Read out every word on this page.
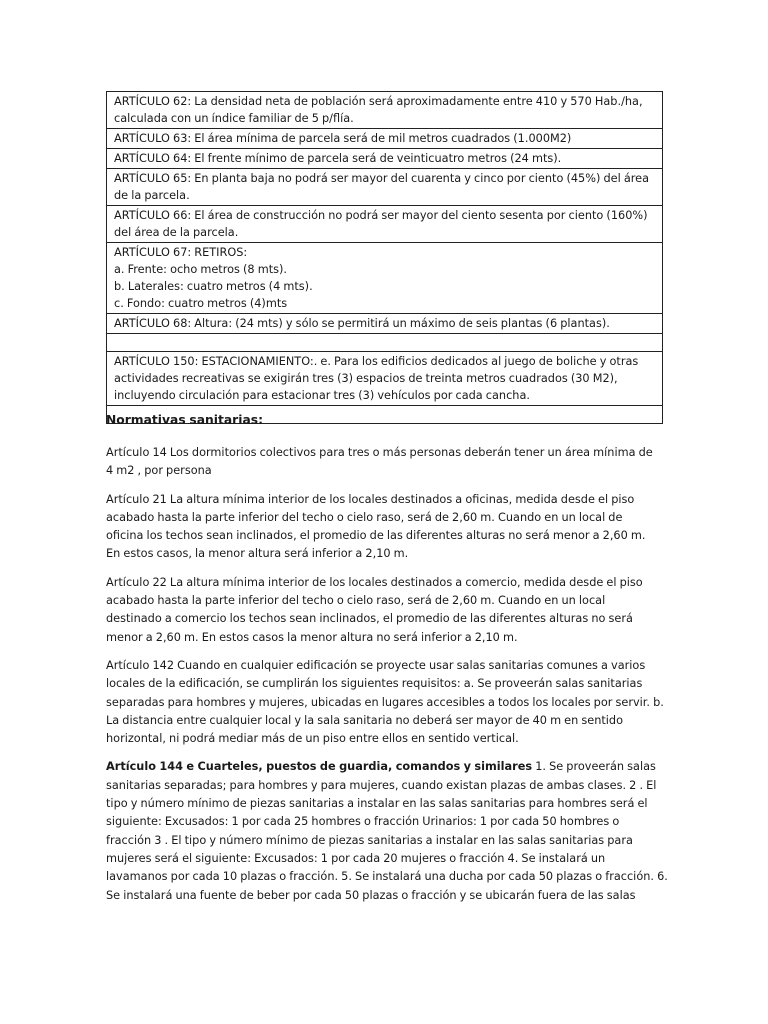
ARTÍCULO 62: La densidad neta de población será aproximadamente entre 410 y 570 Hab./ha,
calculada con un índice familiar de 5 p/flía.

ARTÍCULO 63: El área mínima de parcela será de mil metros cuadrados (1.000M2)

ARTÍCULO 64: El frente mínimo de parcela será de veinticuatro metros (24 mts).

ARTÍCULO 65: En planta baja no podrá ser mayor del cuarenta y cinco por ciento (45%) del área
de la parcela.

ARTÍCULO 66: El área de construcción no podrá ser mayor del ciento sesenta por ciento (160%)
del área de la parcela.

ARTÍCULO 67: RETIROS:
a. Frente: ocho metros (8 mts).
b. Laterales: cuatro metros (4 mts).
c. Fondo: cuatro metros (4)mts

ARTÍCULO 68: Altura: (24 mts) y sólo se permitirá un máximo de seis plantas (6 plantas).

ARTÍCULO 150: ESTACIONAMIENTO:. e. Para los edificios dedicados al juego de boliche y otras
actividades recreativas se exigirán tres (3) espacios de treinta metros cuadrados (30 M2),
incluyendo circulación para estacionar tres (3) vehículos por cada cancha.

Normativas sanitarias:
Artículo 14 Los dormitorios colectivos para tres o más personas deberán tener un área mínima de
4 m2 , por persona
Artículo 21 La altura mínima interior de los locales destinados a oficinas, medida desde el piso
acabado hasta la parte inferior del techo o cielo raso, será de 2,60 m. Cuando en un local de
oficina los techos sean inclinados, el promedio de las diferentes alturas no será menor a 2,60 m.
En estos casos, la menor altura será inferior a 2,10 m.
Artículo 22 La altura mínima interior de los locales destinados a comercio, medida desde el piso
acabado hasta la parte inferior del techo o cielo raso, será de 2,60 m. Cuando en un local
destinado a comercio los techos sean inclinados, el promedio de las diferentes alturas no será
menor a 2,60 m. En estos casos la menor altura no será inferior a 2,10 m.
Artículo 142 Cuando en cualquier edificación se proyecte usar salas sanitarias comunes a varios
locales de la edificación, se cumplirán los siguientes requisitos: a. Se proveerán salas sanitarias
separadas para hombres y mujeres, ubicadas en lugares accesibles a todos los locales por servir. b.
La distancia entre cualquier local y la sala sanitaria no deberá ser mayor de 40 m en sentido
horizontal, ni podrá mediar más de un piso entre ellos en sentido vertical.
Artículo 144 e Cuarteles, puestos de guardia, comandos y similares 1. Se proveerán salas
sanitarias separadas; para hombres y para mujeres, cuando existan plazas de ambas clases. 2 . El
tipo y número mínimo de piezas sanitarias a instalar en las salas sanitarias para hombres será el
siguiente: Excusados: 1 por cada 25 hombres o fracción Urinarios: 1 por cada 50 hombres o
fracción 3 . El tipo y número mínimo de piezas sanitarias a instalar en las salas sanitarias para
mujeres será el siguiente: Excusados: 1 por cada 20 mujeres o fracción 4. Se instalará un
lavamanos por cada 10 plazas o fracción. 5. Se instalará una ducha por cada 50 plazas o fracción. 6.
Se instalará una fuente de beber por cada 50 plazas o fracción y se ubicarán fuera de las salas
